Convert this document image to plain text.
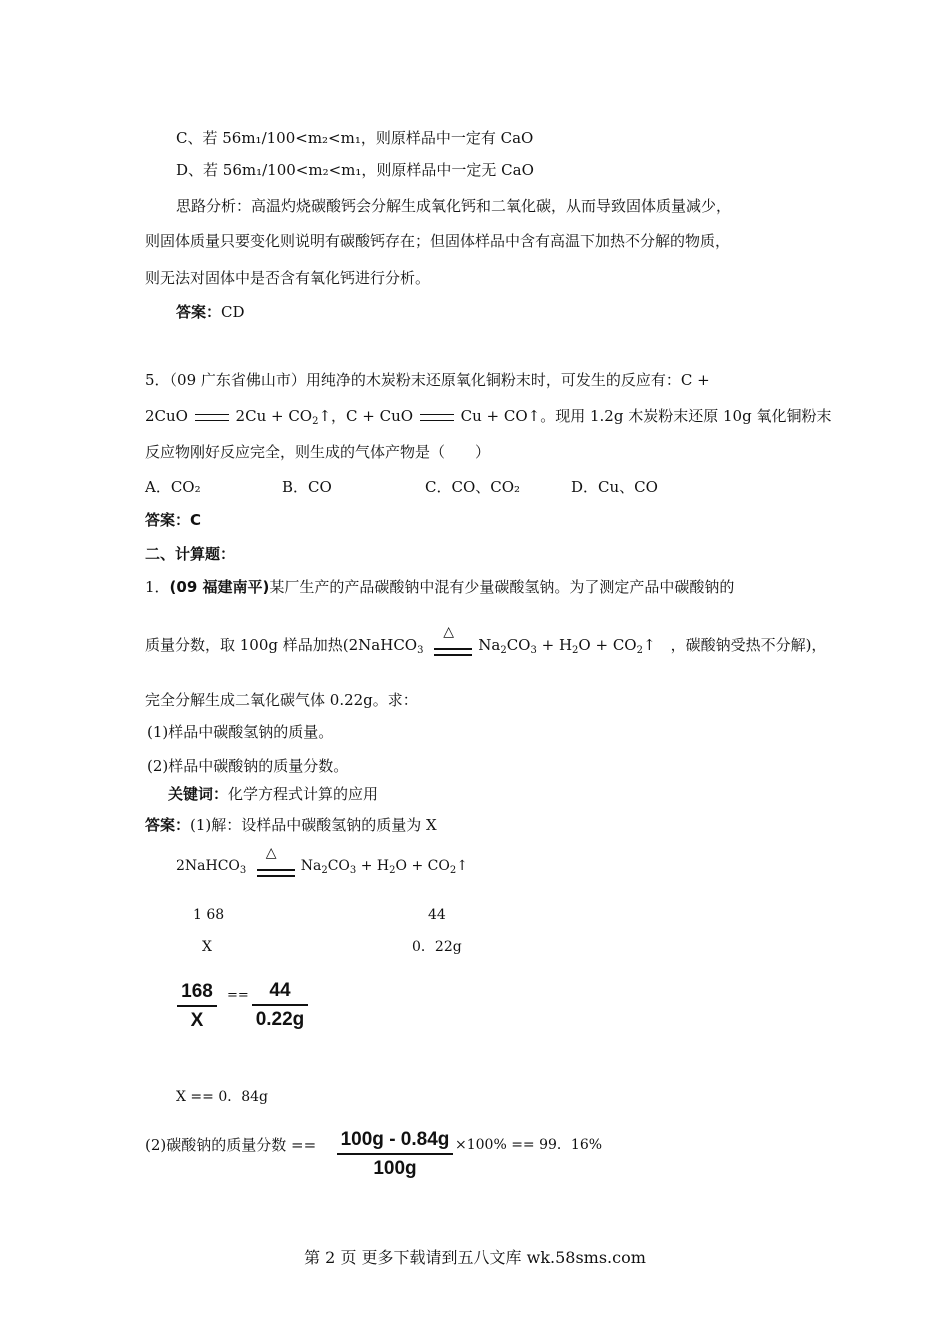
C、若 56m₁/100<m₂<m₁，则原样品中一定有 CaO
D、若 56m₁/100<m₂<m₁，则原样品中一定无 CaO
思路分析：高温灼烧碳酸钙会分解生成氧化钙和二氧化碳，从而导致固体质量减少，
则固体质量只要变化则说明有碳酸钙存在；但固体样品中含有高温下加热不分解的物质，
则无法对固体中是否含有氧化钙进行分析。
答案：CD
5．（09 广东省佛山市）用纯净的木炭粉末还原氧化铜粉末时，可发生的反应有：C +
2CuO	$2Cu + CO_2↑$，C + CuO	Cu + CO↑。现用 1.2g 木炭粉末还原 10g 氧化铜粉末
反应物刚好反应完全，则生成的气体产物是（　　）
A．CO₂	B．CO	C．CO、CO₂	D．Cu、CO
答案：C
二、计算题：
1．(09 福建南平)某厂生产的产品碳酸钠中混有少量碳酸氢钠。为了测定产品中碳酸钠的
质量分数，取 100g 样品加热(2NaHCO$_3$
△
$Na_2CO_3 + H_2O$ + $CO_2↑$　，碳酸钠受热不分解)，
完全分解生成二氧化碳气体 0.22g。求：
(1)样品中碳酸氢钠的质量。
(2)样品中碳酸钠的质量分数。
关键词：化学方程式计算的应用
答案：(1)解：设样品中碳酸氢钠的质量为 X
2NaHCO$_3$
△
$Na_2CO_3 + H_2O$ + $CO_2↑$
1 68	44
X	0．22g
$\frac{168}{X} == \frac{44}{0.22g}$
X == 0．84g
(2)碳酸钠的质量分数 == $\frac{100g - 0.84g}{100g} \times 100\% == 99$．16%
第 2 页 更多下载请到五八文库 wk.58sms.com
